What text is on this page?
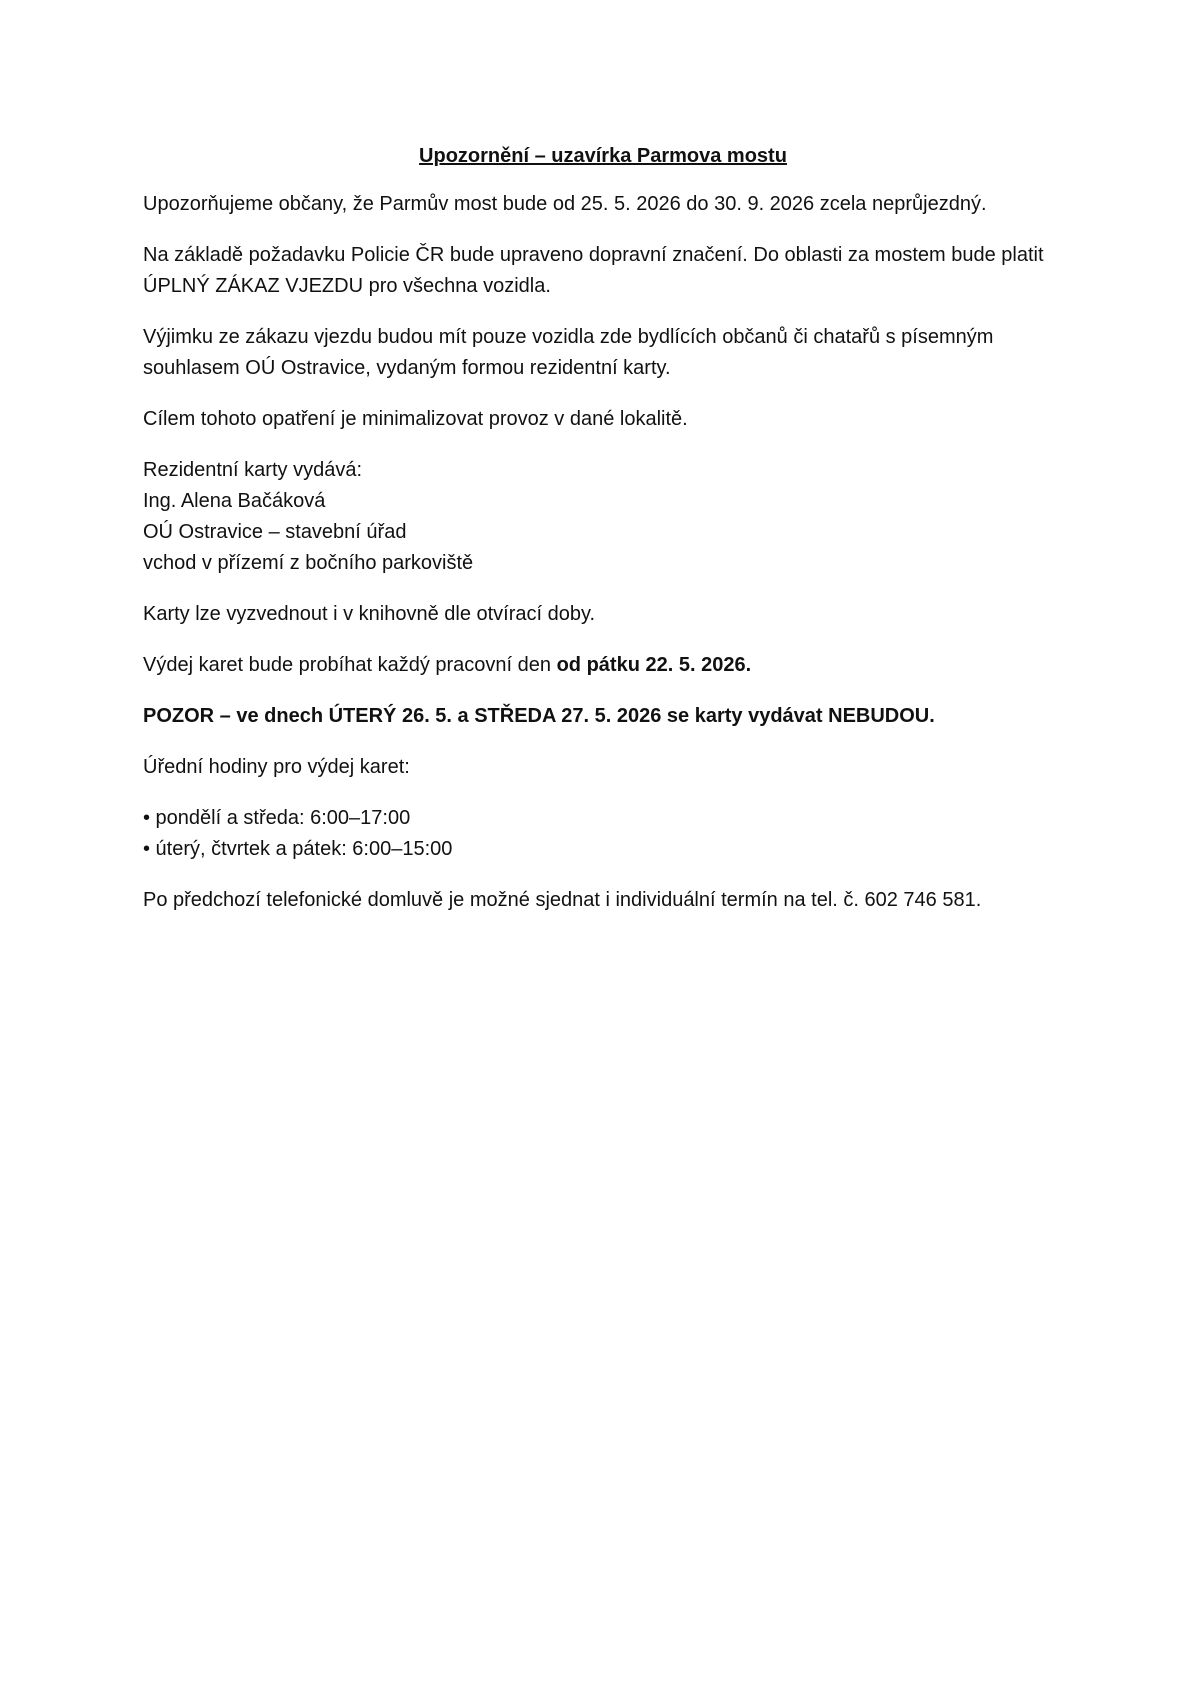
Upozornění – uzavírka Parmova mostu
Upozorňujeme občany, že Parmův most bude od 25. 5. 2026 do 30. 9. 2026 zcela neprůjezdný.
Na základě požadavku Policie ČR bude upraveno dopravní značení. Do oblasti za mostem bude platit
ÚPLNÝ ZÁKAZ VJEZDU pro všechna vozidla.
Výjimku ze zákazu vjezdu budou mít pouze vozidla zde bydlících občanů či chatařů s písemným
souhlasem OÚ Ostravice, vydaným formou rezidentní karty.
Cílem tohoto opatření je minimalizovat provoz v dané lokalitě.
Rezidentní karty vydává:
Ing. Alena Bačáková
OÚ Ostravice – stavební úřad
vchod v přízemí z bočního parkoviště
Karty lze vyzvednout i v knihovně dle otvírací doby.
Výdej karet bude probíhat každý pracovní den od pátku 22. 5. 2026.
POZOR – ve dnech ÚTERÝ 26. 5. a STŘEDA 27. 5. 2026 se karty vydávat NEBUDOU.
Úřední hodiny pro výdej karet:
• pondělí a středa: 6:00–17:00
• úterý, čtvrtek a pátek: 6:00–15:00
Po předchozí telefonické domluvě je možné sjednat i individuální termín na tel. č. 602 746 581.
